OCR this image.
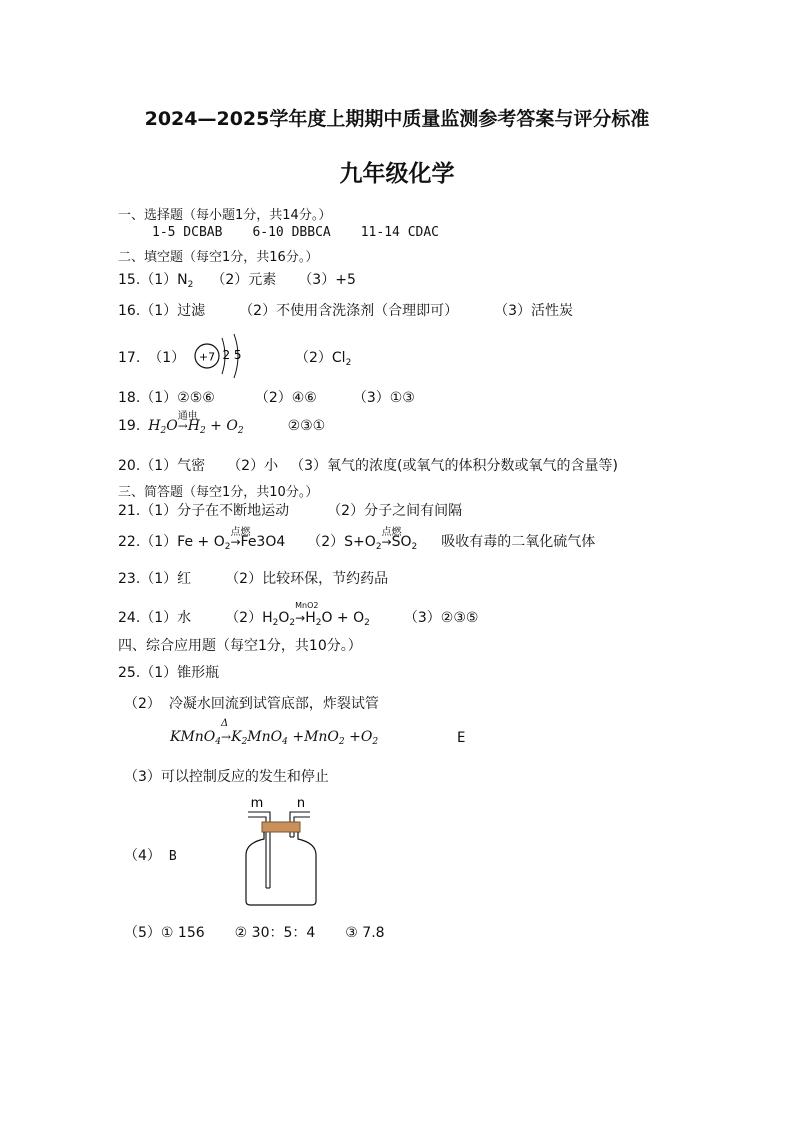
2024—2025学年度上期期中质量监测参考答案与评分标准
九年级化学
一、选择题（每小题1分，共14分。）
1-5 DCBAB 6-10 DBBCA 11-14 CDAC
二、填空题（每空1分，共16分。）
$15.(1)N_2$ （2）元素 （3）+5
16.（1）过滤 （2）不使用含洗涤剂（合理即可）	（3）活性炭
17. （1） +7 2 5	$(2)Cl_2$
18.（1）②⑤⑥	（2）④⑥	（3）①③
19. $H_2O$
通电
$\to H_2 + O_2$	②③①
20.（1）气密 （2）小 （3）氧气的浓度(或氧气的体积分数或氧气的含量等)
三、简答题（每空1分，共10分。）
21.（1）分子在不断地运动	（2）分子之间有间隔
$22.(1)Fe + O_2$
点燃
→Fe3O4 $(2)S+O_2$
点燃
$\to SO_2$ 吸收有毒的二氧化硫气体
23.（1）红 （2）比较环保，节约药品
24.（1）水 $(2)H_2O_2$
MnO2
$\to H_2O + O_2$ （3）②③⑤
四、综合应用题（每空1分，共10分。）
25.（1）锥形瓶
（2） 冷凝水回流到试管底部，炸裂试管
KMnO$_4$
Δ
$\to K_2MnO_4 +MnO_2 +O_2$	E
（3）可以控制反应的发生和停止
（4） B
m	n
（5）① 156 ② 30：5：4 ③ 7.8
